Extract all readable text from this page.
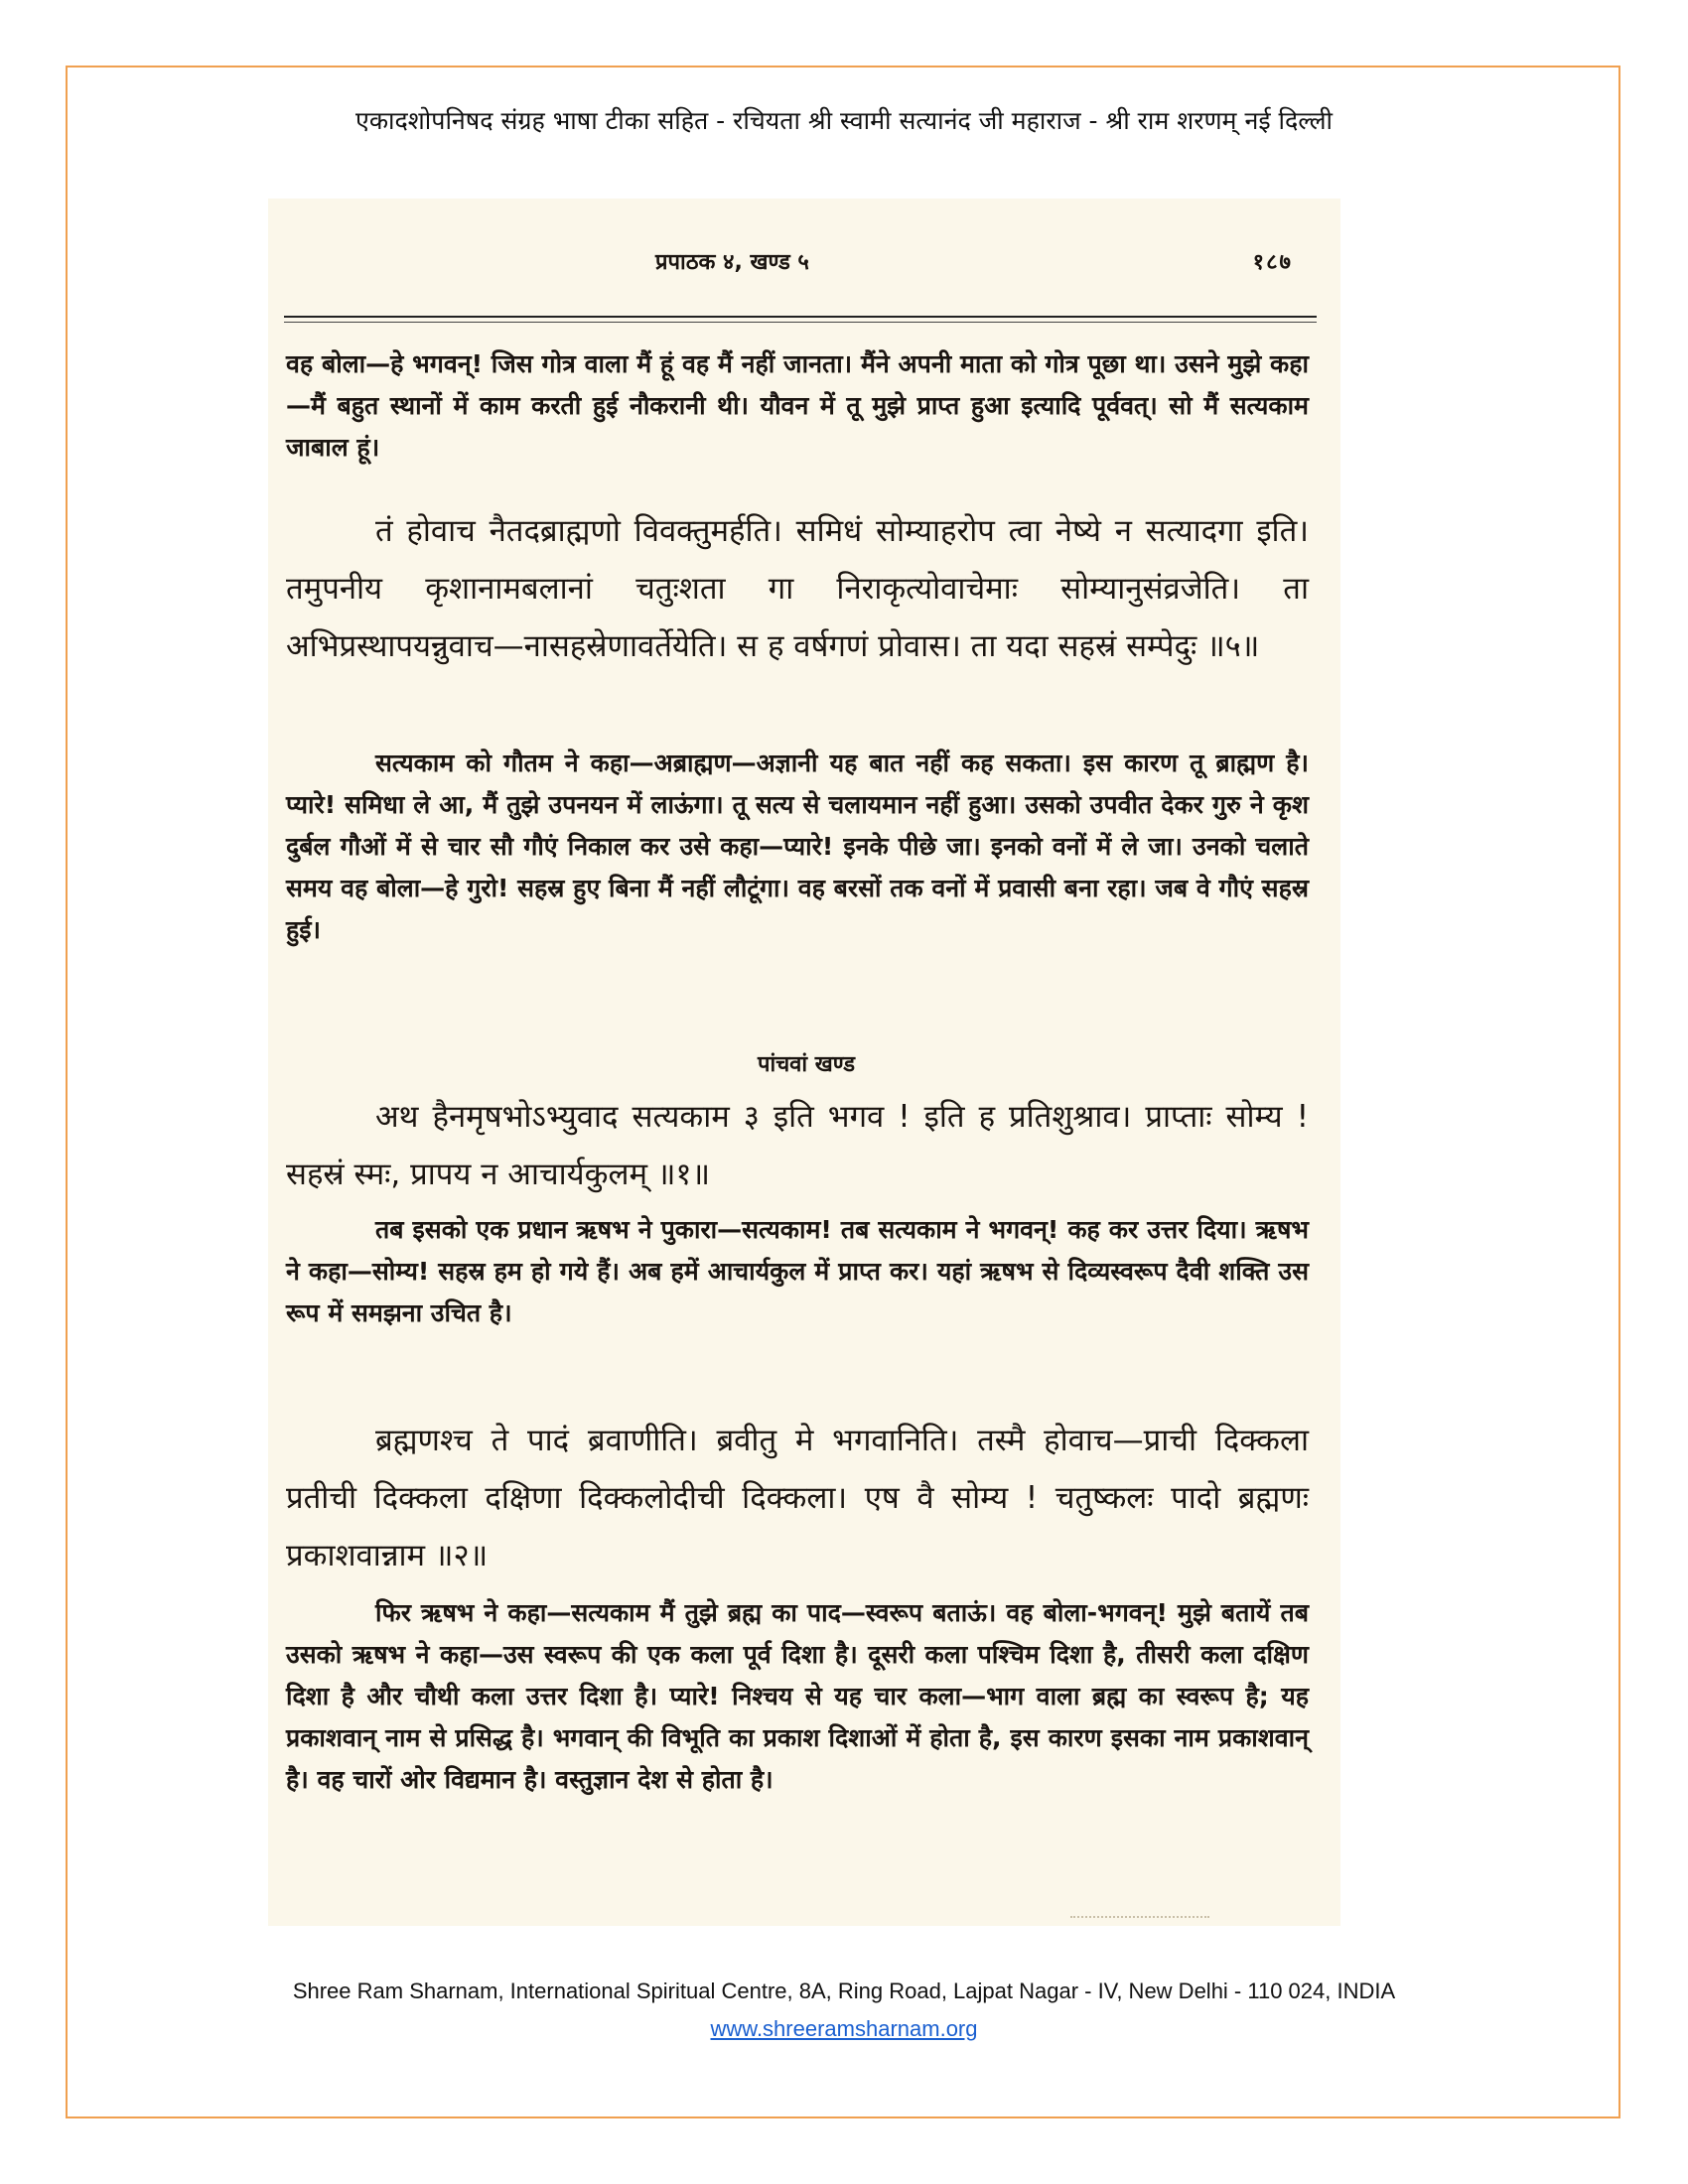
एकादशोपनिषद संग्रह भाषा टीका सहित - रचियता श्री स्वामी सत्यानंद जी महाराज - श्री राम शरणम् नई दिल्ली
प्रपाठक ४, खण्ड ५	१८७

वह बोला—हे भगवन्! जिस गोत्र वाला मैं हूं वह मैं नहीं जानता। मैंने अपनी माता को गोत्र पूछा था। उसने मुझे कहा—मैं बहुत स्थानों में काम करती हुई नौकरानी थी। यौवन में तू मुझे प्राप्त हुआ इत्यादि पूर्ववत्। सो मैं सत्यकाम जाबाल हूं।

तं होवाच नैतदब्राह्मणो विवक्तुमर्हति। समिधं सोम्याहरोप त्वा नेष्ये न सत्यादगा इति। तमुपनीय कृशानामबलानां चतुःशता गा निराकृत्योवाचेमाः सोम्यानुसंव्रजेति। ता अभिप्रस्थापयन्नुवाच—नासहस्रेणावर्तेयेति। स ह वर्षगणं प्रोवास। ता यदा सहस्रं सम्पेदुः ॥५॥

सत्यकाम को गौतम ने कहा—अब्राह्मण—अज्ञानी यह बात नहीं कह सकता। इस कारण तू ब्राह्मण है। प्यारे! समिधा ले आ, मैं तुझे उपनयन में लाऊंगा। तू सत्य से चलायमान नहीं हुआ। उसको उपवीत देकर गुरु ने कृश दुर्बल गौओं में से चार सौ गौएं निकाल कर उसे कहा—प्यारे! इनके पीछे जा। इनको वनों में ले जा। उनको चलाते समय वह बोला—हे गुरो! सहस्र हुए बिना मैं नहीं लौटूंगा। वह बरसों तक वनों में प्रवासी बना रहा। जब वे गौएं सहस्र हुई।

पांचवां खण्ड

अथ हैनमृषभोऽभ्युवाद सत्यकाम ३ इति भगव ! इति ह प्रतिशुश्राव। प्राप्ताः सोम्य ! सहस्रं स्मः, प्रापय न आचार्यकुलम् ॥१॥

तब इसको एक प्रधान ऋषभ ने पुकारा—सत्यकाम! तब सत्यकाम ने भगवन्! कह कर उत्तर दिया। ऋषभ ने कहा—सोम्य! सहस्र हम हो गये हैं। अब हमें आचार्यकुल में प्राप्त कर। यहां ऋषभ से दिव्यस्वरूप दैवी शक्ति उस रूप में समझना उचित है।

ब्रह्मणश्च ते पादं ब्रवाणीति। ब्रवीतु मे भगवानिति। तस्मै होवाच—प्राची दिक्कला प्रतीची दिक्कला दक्षिणा दिक्कलोदीची दिक्कला। एष वै सोम्य ! चतुष्कलः पादो ब्रह्मणः प्रकाशवान्नाम ॥२॥

फिर ऋषभ ने कहा—सत्यकाम मैं तुझे ब्रह्म का पाद—स्वरूप बताऊं। वह बोला-भगवन्! मुझे बतायें तब उसको ऋषभ ने कहा—उस स्वरूप की एक कला पूर्व दिशा है। दूसरी कला पश्चिम दिशा है, तीसरी कला दक्षिण दिशा है और चौथी कला उत्तर दिशा है। प्यारे! निश्चय से यह चार कला—भाग वाला ब्रह्म का स्वरूप है; यह प्रकाशवान् नाम से प्रसिद्ध है। भगवान् की विभूति का प्रकाश दिशाओं में होता है, इस कारण इसका नाम प्रकाशवान् है। वह चारों ओर विद्यमान है। वस्तुज्ञान देश से होता है।

Shree Ram Sharnam, International Spiritual Centre, 8A, Ring Road, Lajpat Nagar - IV, New Delhi - 110 024, INDIA
www.shreeramsharnam.org
